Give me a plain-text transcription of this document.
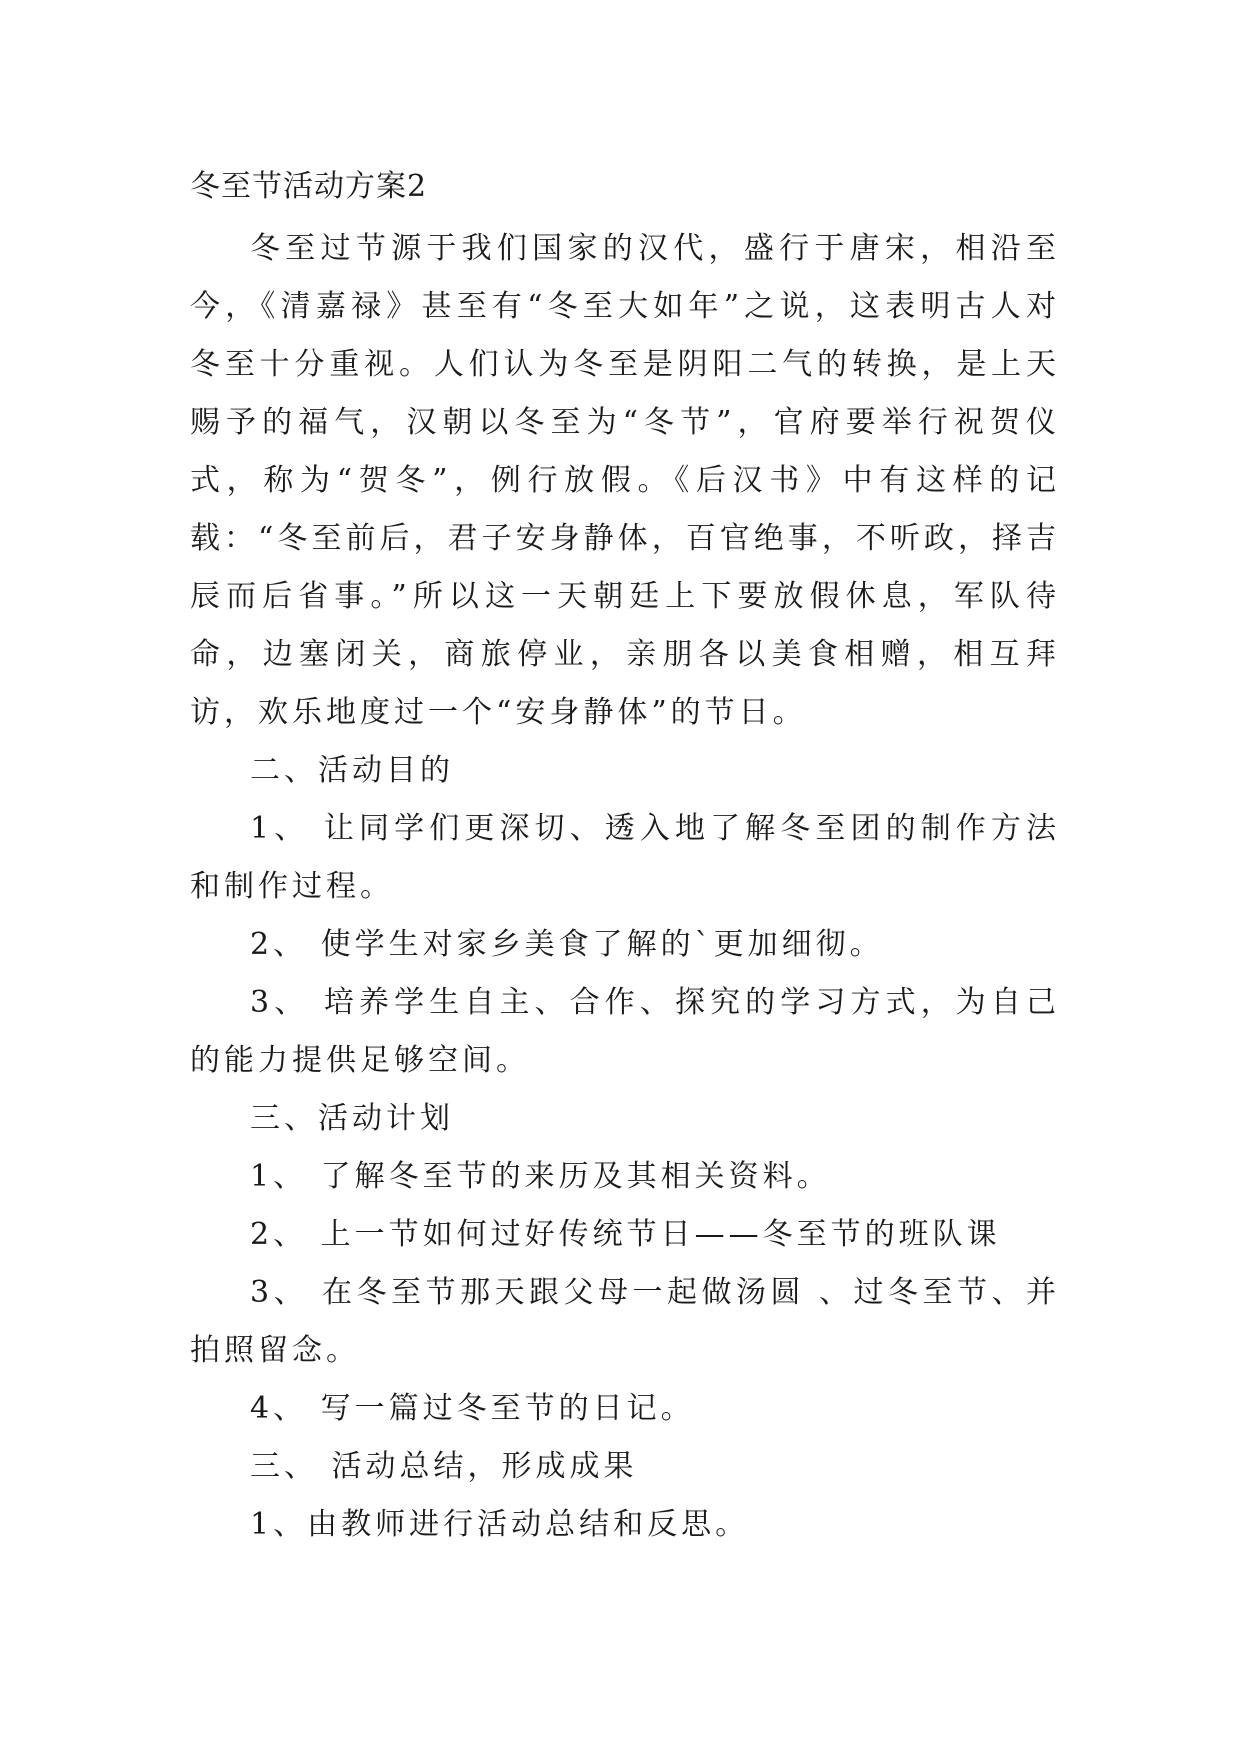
冬至节活动方案2

冬至过节源于我们国家的汉代，盛行于唐宋，相沿至今，《清嘉禄》甚至有“冬至大如年”之说，这表明古人对冬至十分重视。人们认为冬至是阴阳二气的转换，是上天赐予的福气，汉朝以冬至为“冬节”，官府要举行祝贺仪式，称为“贺冬”，例行放假。《后汉书》中有这样的记载：“冬至前后，君子安身静体，百官绝事，不听政，择吉辰而后省事。”所以这一天朝廷上下要放假休息，军队待命，边塞闭关，商旅停业，亲朋各以美食相赠，相互拜访，欢乐地度过一个“安身静体”的节日。

二、活动目的

1、 让同学们更深切、透入地了解冬至团的制作方法和制作过程。

2、 使学生对家乡美食了解的`更加细彻。

3、 培养学生自主、合作、探究的学习方式，为自己的能力提供足够空间。

三、活动计划

1、 了解冬至节的来历及其相关资料。

2、 上一节如何过好传统节日——冬至节的班队课

3、 在冬至节那天跟父母一起做汤圆 、过冬至节、并拍照留念。

4、 写一篇过冬至节的日记。

三、 活动总结，形成成果

1、由教师进行活动总结和反思。
